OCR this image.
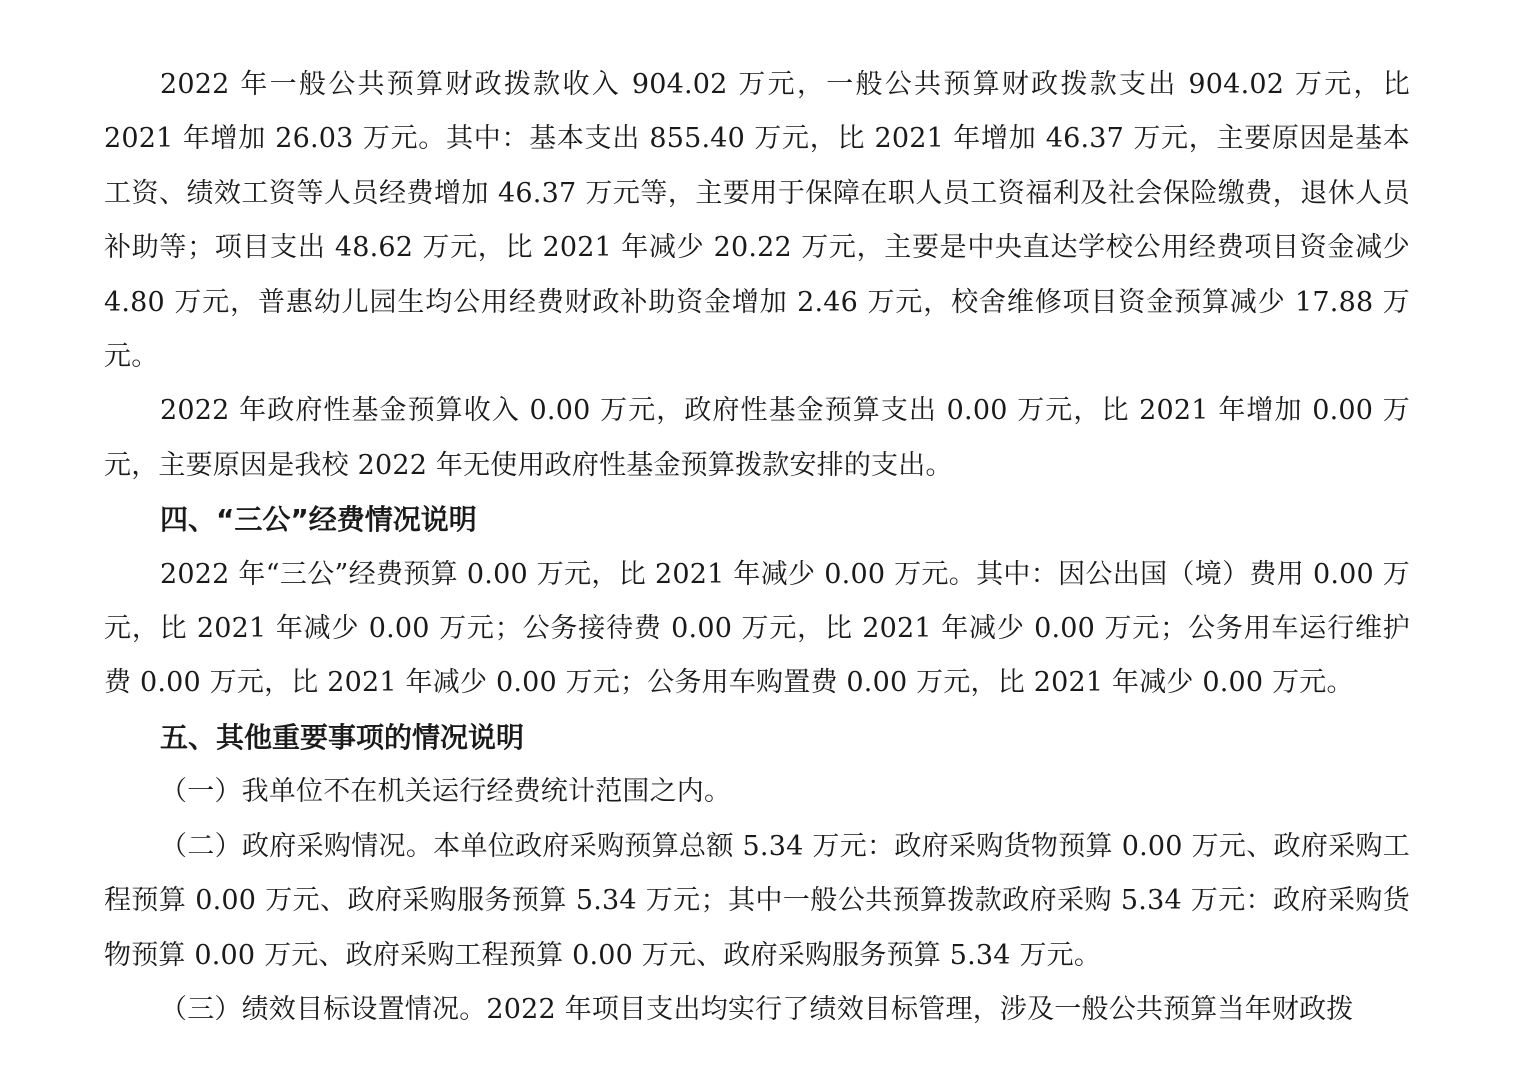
2022 年一般公共预算财政拨款收入 904.02 万元，一般公共预算财政拨款支出 904.02 万元，比 2021 年增加 26.03 万元。其中：基本支出 855.40 万元，比 2021 年增加 46.37 万元，主要原因是基本工资、绩效工资等人员经费增加 46.37 万元等，主要用于保障在职人员工资福利及社会保险缴费，退休人员补助等；项目支出 48.62 万元，比 2021 年减少 20.22 万元，主要是中央直达学校公用经费项目资金减少 4.80 万元，普惠幼儿园生均公用经费财政补助资金增加 2.46 万元，校舍维修项目资金预算减少 17.88 万元。

2022 年政府性基金预算收入 0.00 万元，政府性基金预算支出 0.00 万元，比 2021 年增加 0.00 万元，主要原因是我校 2022 年无使用政府性基金预算拨款安排的支出。

四、“三公”经费情况说明

2022 年“三公”经费预算 0.00 万元，比 2021 年减少 0.00 万元。其中：因公出国（境）费用 0.00 万元，比 2021 年减少 0.00 万元；公务接待费 0.00 万元，比 2021 年减少 0.00 万元；公务用车运行维护费 0.00 万元，比 2021 年减少 0.00 万元；公务用车购置费 0.00 万元，比 2021 年减少 0.00 万元。

五、其他重要事项的情况说明

（一）我单位不在机关运行经费统计范围之内。

（二）政府采购情况。本单位政府采购预算总额 5.34 万元：政府采购货物预算 0.00 万元、政府采购工程预算 0.00 万元、政府采购服务预算 5.34 万元；其中一般公共预算拨款政府采购 5.34 万元：政府采购货物预算 0.00 万元、政府采购工程预算 0.00 万元、政府采购服务预算 5.34 万元。

（三）绩效目标设置情况。2022 年项目支出均实行了绩效目标管理，涉及一般公共预算当年财政拨
